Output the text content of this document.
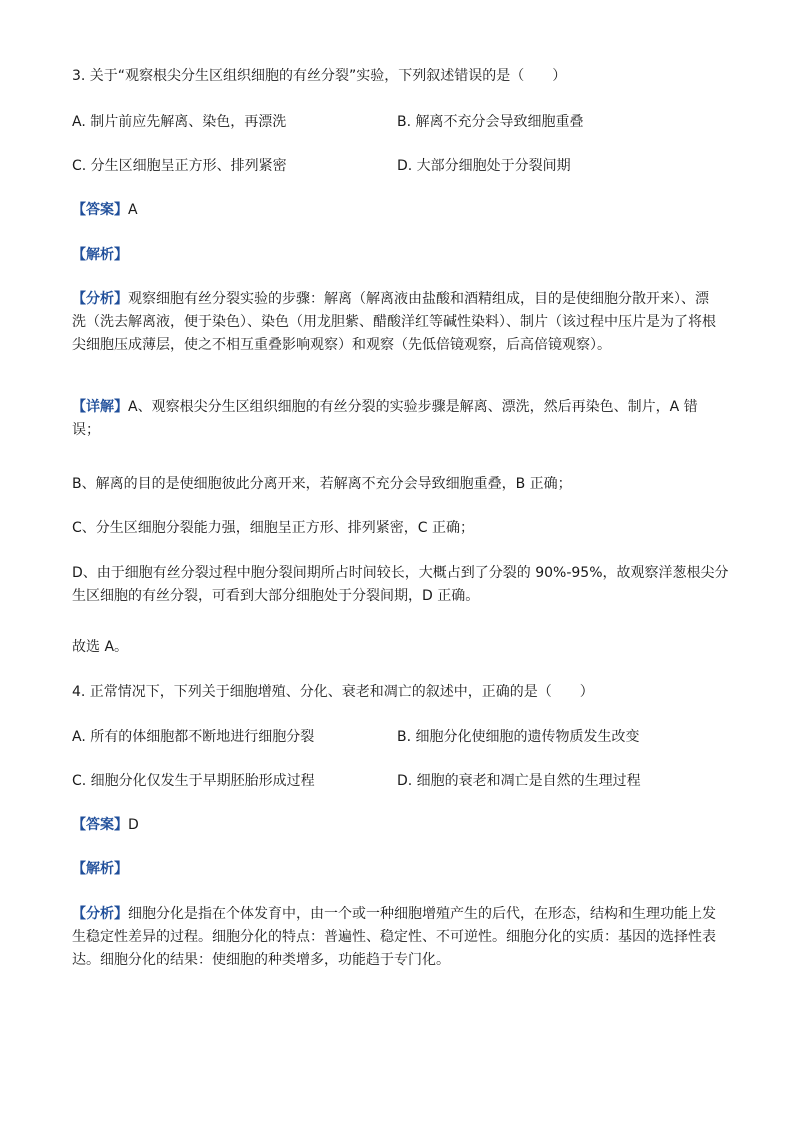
3. 关于“观察根尖分生区组织细胞的有丝分裂”实验，下列叙述错误的是（　　）
A. 制片前应先解离、染色，再漂洗	B. 解离不充分会导致细胞重叠
C. 分生区细胞呈正方形、排列紧密	D. 大部分细胞处于分裂间期
【答案】A
【解析】
【分析】观察细胞有丝分裂实验的步骤：解离（解离液由盐酸和酒精组成，目的是使细胞分散开来）、漂
洗（洗去解离液，便于染色）、染色（用龙胆紫、醋酸洋红等碱性染料）、制片（该过程中压片是为了将根
尖细胞压成薄层，使之不相互重叠影响观察）和观察（先低倍镜观察，后高倍镜观察）。
【详解】A、观察根尖分生区组织细胞的有丝分裂的实验步骤是解离、漂洗，然后再染色、制片，A 错
误；
B、解离的目的是使细胞彼此分离开来，若解离不充分会导致细胞重叠，B 正确；
C、分生区细胞分裂能力强，细胞呈正方形、排列紧密，C 正确；
D、由于细胞有丝分裂过程中胞分裂间期所占时间较长，大概占到了分裂的 90%-95%，故观察洋葱根尖分
生区细胞的有丝分裂，可看到大部分细胞处于分裂间期，D 正确。
故选 A。
4. 正常情况下，下列关于细胞增殖、分化、衰老和凋亡的叙述中，正确的是（　　）
A. 所有的体细胞都不断地进行细胞分裂	B. 细胞分化使细胞的遗传物质发生改变
C. 细胞分化仅发生于早期胚胎形成过程	D. 细胞的衰老和凋亡是自然的生理过程
【答案】D
【解析】
【分析】细胞分化是指在个体发育中，由一个或一种细胞增殖产生的后代，在形态，结构和生理功能上发
生稳定性差异的过程。细胞分化的特点：普遍性、稳定性、不可逆性。细胞分化的实质：基因的选择性表
达。细胞分化的结果：使细胞的种类增多，功能趋于专门化。
